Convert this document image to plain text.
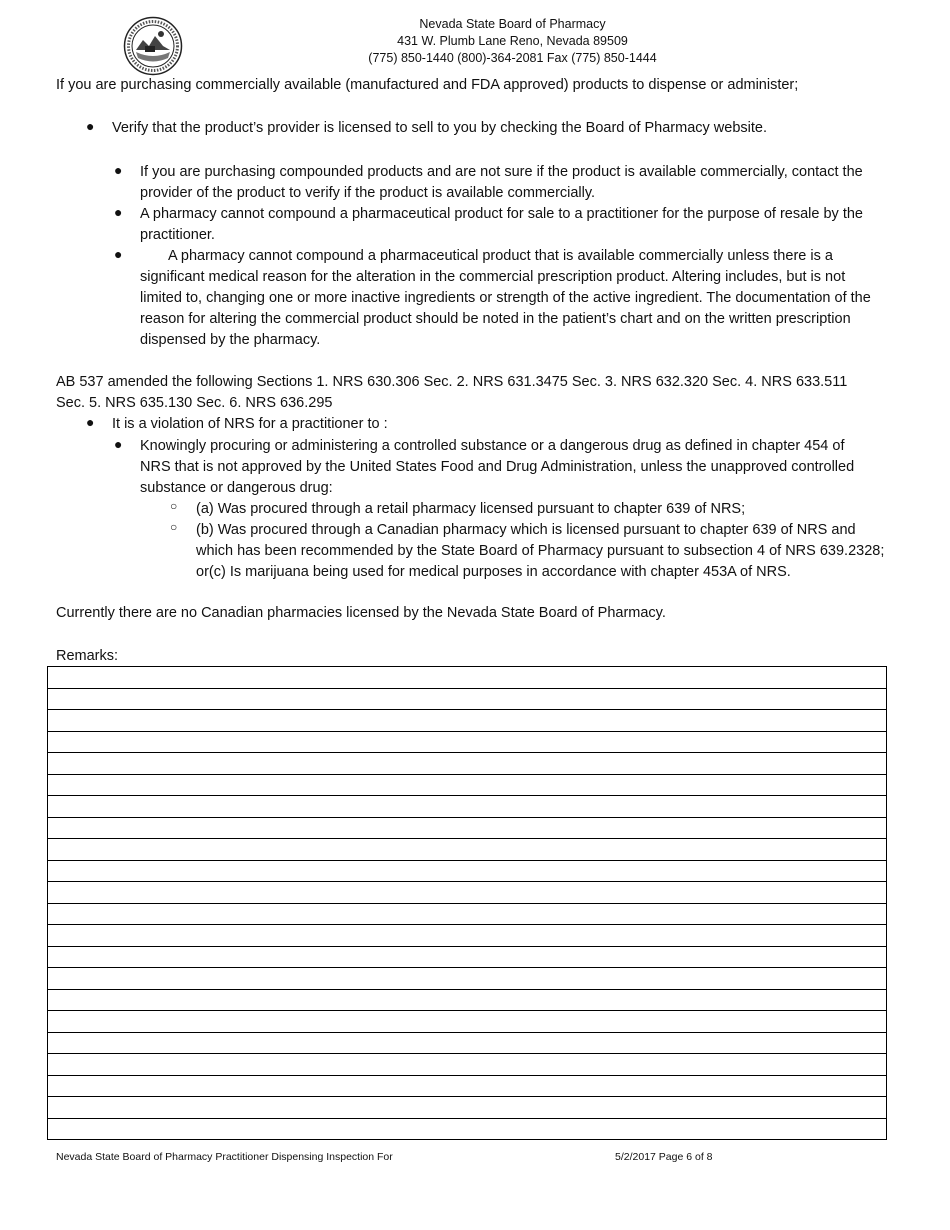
Nevada State Board of Pharmacy
431 W. Plumb Lane Reno, Nevada 89509
(775) 850-1440 (800)-364-2081 Fax (775) 850-1444
If you are purchasing commercially available (manufactured and FDA approved) products to dispense or administer;
● Verify that the product’s provider is licensed to sell to you by checking the Board of Pharmacy website.
● If you are purchasing compounded products and are not sure if the product is available commercially, contact the provider of the product to verify if the product is available commercially.
● A pharmacy cannot compound a pharmaceutical product for sale to a practitioner for the purpose of resale by the practitioner.
●	A pharmacy cannot compound a pharmaceutical product that is available commercially unless there is a significant medical reason for the alteration in the commercial prescription product. Altering includes, but is not limited to, changing one or more inactive ingredients or strength of the active ingredient. The documentation of the reason for altering the commercial product should be noted in the patient’s chart and on the written prescription dispensed by the pharmacy.
AB 537 amended the following Sections 1. NRS 630.306 Sec. 2. NRS 631.3475 Sec. 3. NRS 632.320 Sec. 4. NRS 633.511 Sec. 5. NRS 635.130 Sec. 6. NRS 636.295
● It is a violation of NRS for a practitioner to :
● Knowingly procuring or administering a controlled substance or a dangerous drug as defined in chapter 454 of NRS that is not approved by the United States Food and Drug Administration, unless the unapproved controlled substance or dangerous drug:
○ (a) Was procured through a retail pharmacy licensed pursuant to chapter 639 of NRS;
○ (b) Was procured through a Canadian pharmacy which is licensed pursuant to chapter 639 of NRS and which has been recommended by the State Board of Pharmacy pursuant to subsection 4 of NRS 639.2328; or(c) Is marijuana being used for medical purposes in accordance with chapter 453A of NRS.
Currently there are no Canadian pharmacies licensed by the Nevada State Board of Pharmacy.
Remarks:

Nevada State Board of Pharmacy Practitioner Dispensing Inspection For	5/2/2017 Page 6 of 8
